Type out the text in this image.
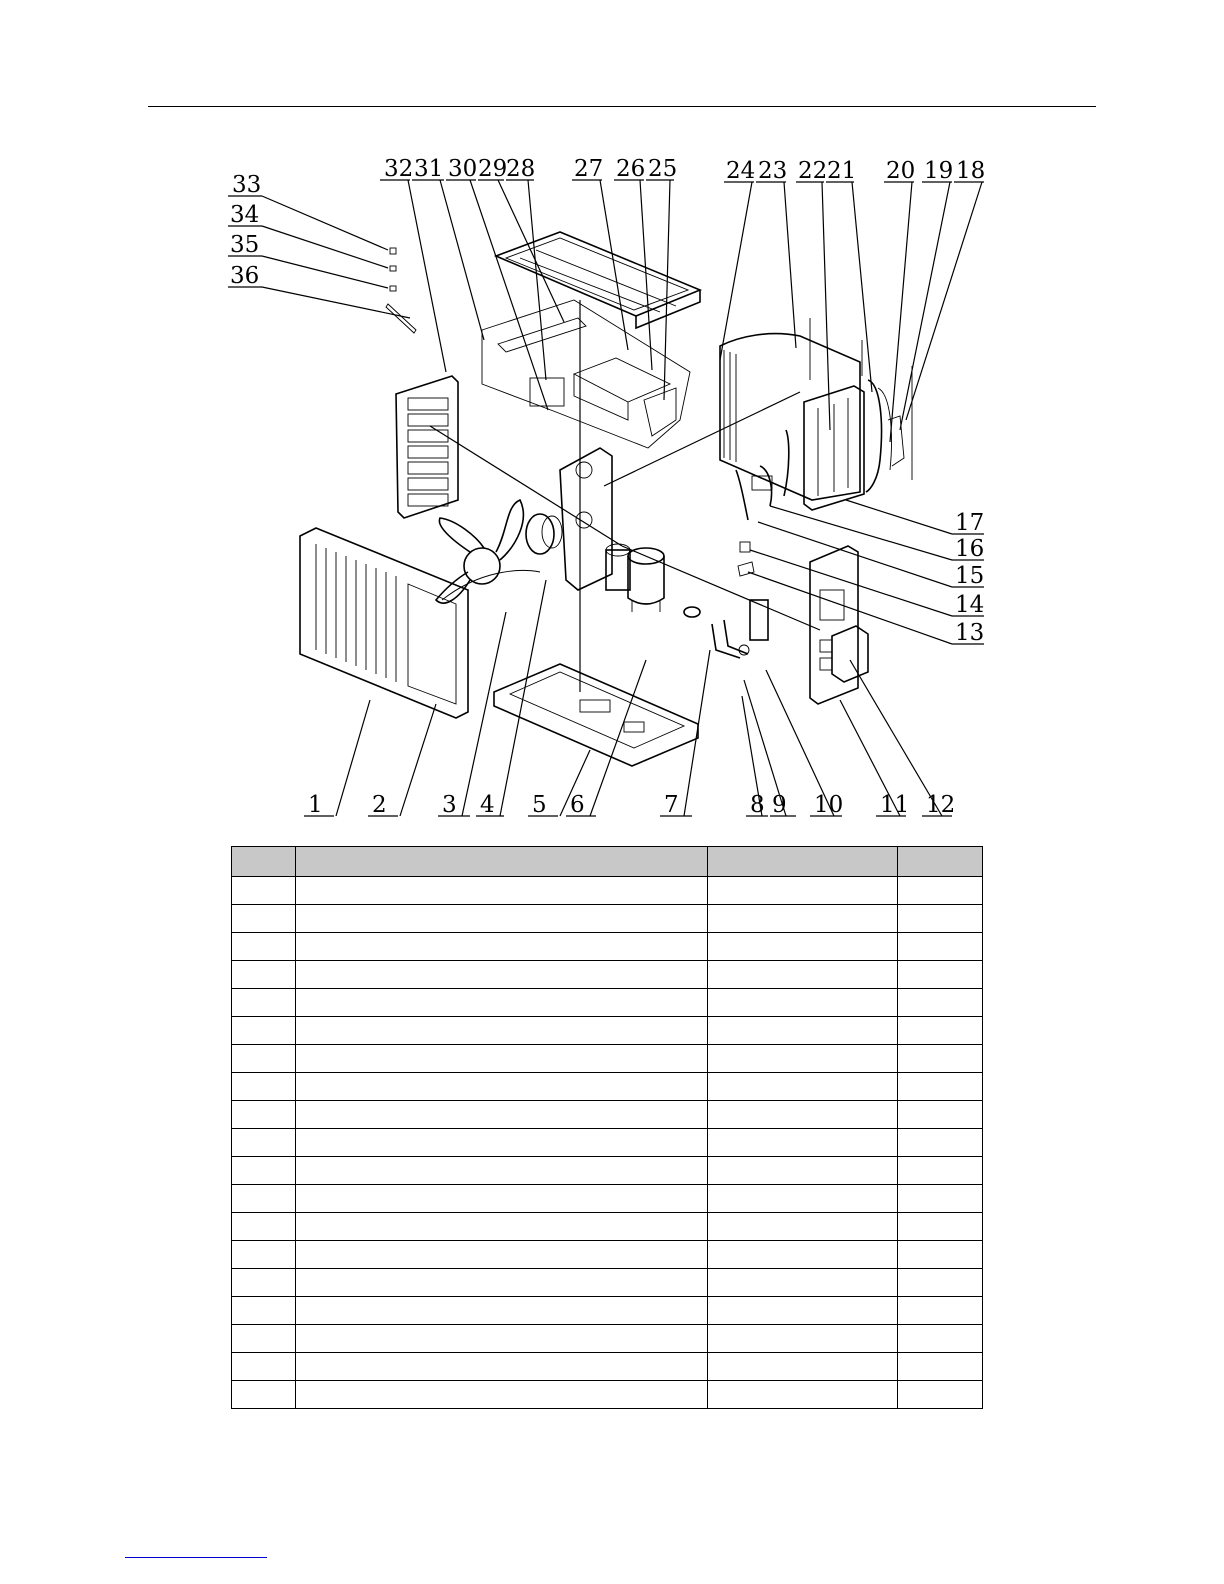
32 31 30 29
28 27 26 25 24 23 22 21 20 19 18
33
34
35
36
17
16
15
14
13
1 2 3 4 5 6	7	8 9 10 11 12
